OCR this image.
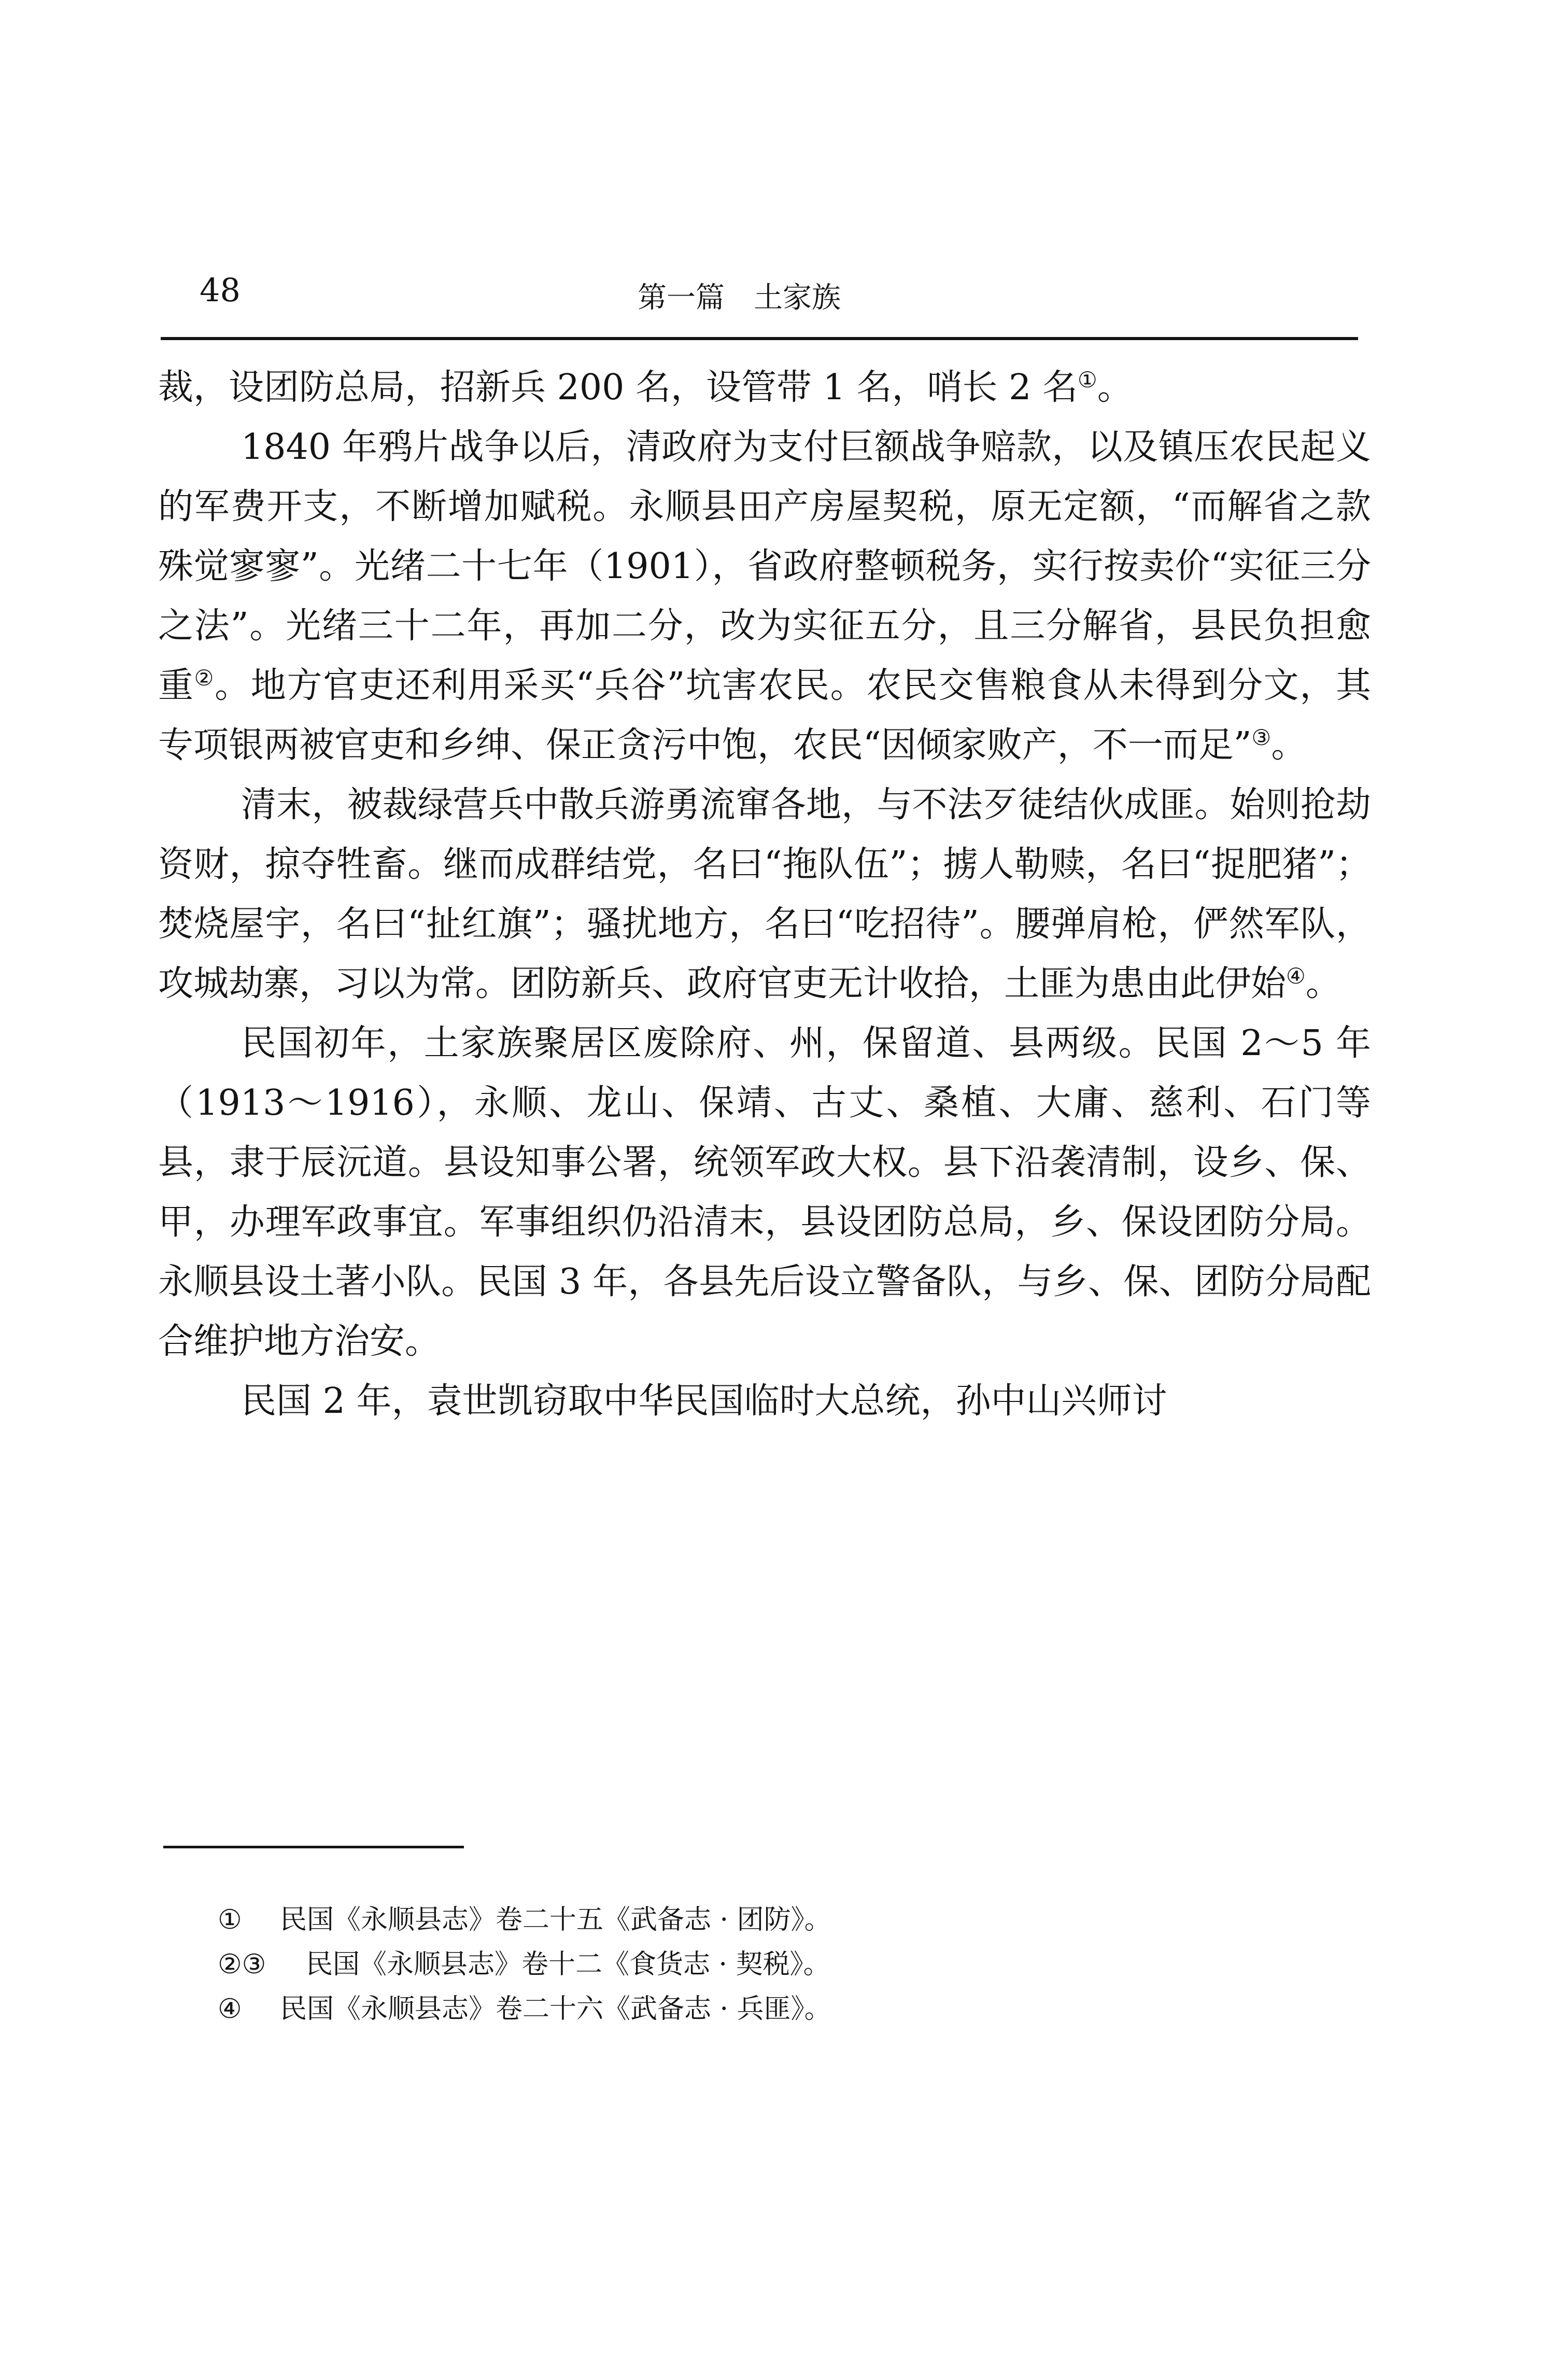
48	第一篇　土家族

裁，设团防总局，招新兵 200 名，设管带 1 名，哨长 2 名①。

1840 年鸦片战争以后，清政府为支付巨额战争赔款，以及镇压农民起义的军费开支，不断增加赋税。永顺县田产房屋契税，原无定额，“而解省之款殊觉寥寥”。光绪二十七年（1901），省政府整顿税务，实行按卖价“实征三分之法”。光绪三十二年，再加二分，改为实征五分，且三分解省，县民负担愈重②。地方官吏还利用采买“兵谷”坑害农民。农民交售粮食从未得到分文，其专项银两被官吏和乡绅、保正贪污中饱，农民“因倾家败产，不一而足”③。

清末，被裁绿营兵中散兵游勇流窜各地，与不法歹徒结伙成匪。始则抢劫资财，掠夺牲畜。继而成群结党，名曰“拖队伍”；掳人勒赎，名曰“捉肥猪”；焚烧屋宇，名曰“扯红旗”；骚扰地方，名曰“吃招待”。腰弹肩枪，俨然军队，攻城劫寨，习以为常。团防新兵、政府官吏无计收拾，土匪为患由此伊始④。

民国初年，土家族聚居区废除府、州，保留道、县两级。民国 2～5 年（1913～1916），永顺、龙山、保靖、古丈、桑植、大庸、慈利、石门等县，隶于辰沅道。县设知事公署，统领军政大权。县下沿袭清制，设乡、保、甲，办理军政事宜。军事组织仍沿清末，县设团防总局，乡、保设团防分局。永顺县设土著小队。民国 3 年，各县先后设立警备队，与乡、保、团防分局配合维护地方治安。

民国 2 年，袁世凯窃取中华民国临时大总统，孙中山兴师讨

① 民国《永顺县志》卷二十五《武备志 · 团防》。
②③ 民国《永顺县志》卷十二《食货志 · 契税》。
④ 民国《永顺县志》卷二十六《武备志 · 兵匪》。
